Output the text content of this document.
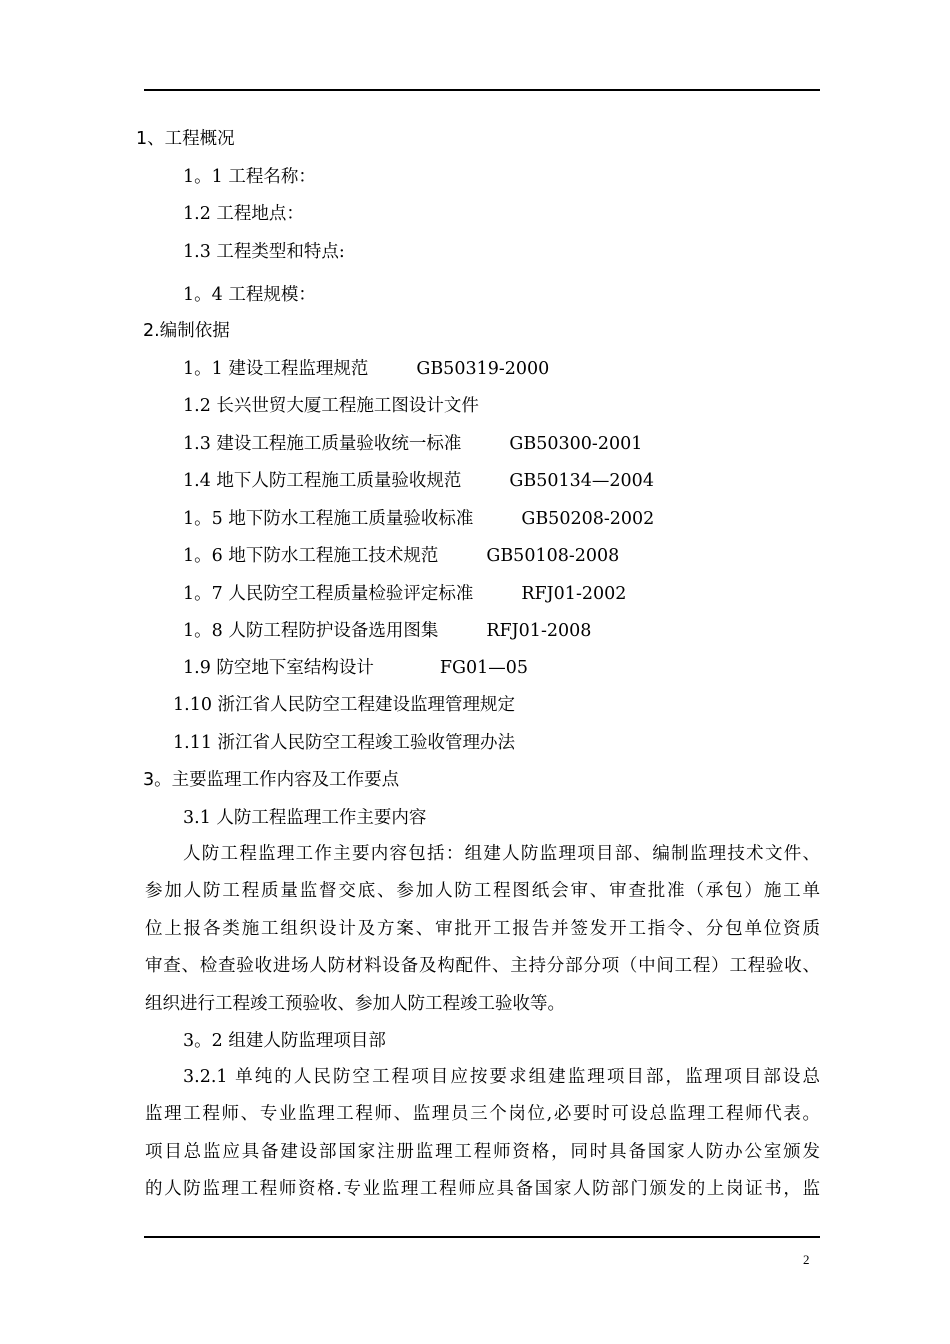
1、工程概况
1。1 工程名称：
1.2 工程地点：
1.3 工程类型和特点:
1。4 工程规模：
2.编制依据
1。1 建设工程监理规范	GB50319-2000
1.2 长兴世贸大厦工程施工图设计文件
1.3 建设工程施工质量验收统一标准	GB50300-2001
1.4 地下人防工程施工质量验收规范	GB50134—2004
1。5 地下防水工程施工质量验收标准	GB50208-2002
1。6 地下防水工程施工技术规范	GB50108-2008
1。7 人民防空工程质量检验评定标准	RFJ01-2002
1。8 人防工程防护设备选用图集	RFJ01-2008
1.9 防空地下室结构设计	FG01—05
1.10 浙江省人民防空工程建设监理管理规定
1.11 浙江省人民防空工程竣工验收管理办法
3。主要监理工作内容及工作要点
3.1 人防工程监理工作主要内容
人防工程监理工作主要内容包括：组建人防监理项目部、编制监理技术文件、
参加人防工程质量监督交底、参加人防工程图纸会审、审查批准（承包）施工单
位上报各类施工组织设计及方案、审批开工报告并签发开工指令、分包单位资质
审查、检查验收进场人防材料设备及构配件、主持分部分项（中间工程）工程验收、
组织进行工程竣工预验收、参加人防工程竣工验收等。
3。2 组建人防监理项目部
3.2.1 单纯的人民防空工程项目应按要求组建监理项目部，监理项目部设总
监理工程师、专业监理工程师、监理员三个岗位,必要时可设总监理工程师代表。
项目总监应具备建设部国家注册监理工程师资格，同时具备国家人防办公室颁发
的人防监理工程师资格.专业监理工程师应具备国家人防部门颁发的上岗证书，监
2
